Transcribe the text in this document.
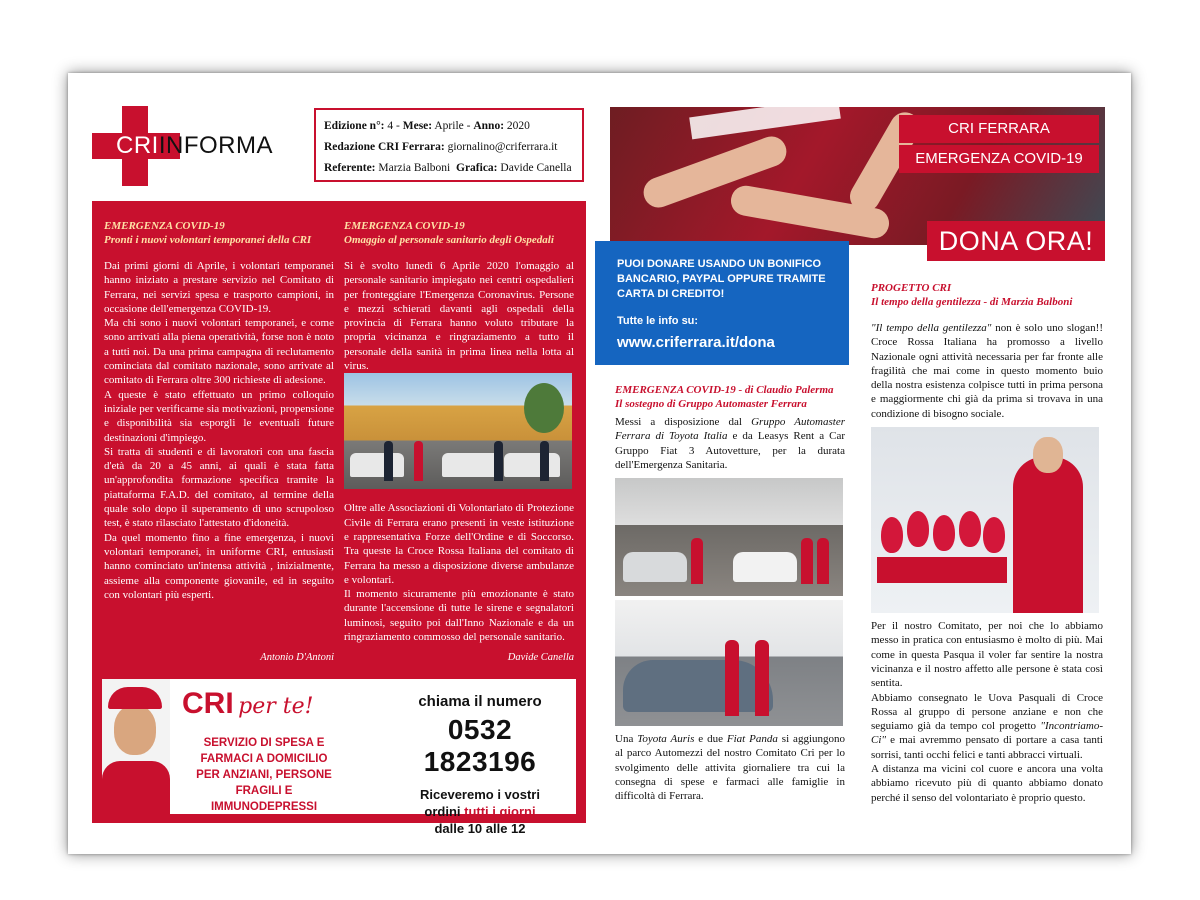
CRIINFORMA
Edizione n°: 4 - Mese: Aprile - Anno: 2020
Redazione CRI Ferrara: giornalino@criferrara.it
Referente: Marzia Balboni Grafica: Davide Canella
EMERGENZA COVID-19
Pronti i nuovi volontari temporanei della CRI
Dai primi giorni di Aprile, i volontari temporanei hanno iniziato a prestare servizio nel Comitato di Ferrara, nei servizi spesa e trasporto campioni, in occasione dell'emergenza COVID-19.
Ma chi sono i nuovi volontari temporanei, e come sono arrivati alla piena operatività, forse non è noto a tutti noi. Da una prima campagna di reclutamento cominciata dal comitato nazionale, sono arrivate al comitato di Ferrara oltre 300 richieste di adesione.
A queste è stato effettuato un primo colloquio iniziale per verificarne sia motivazioni, propensione e disponibilità sia esporgli le eventuali future destinazioni d'impiego.
Si tratta di studenti e di lavoratori con una fascia d'età da 20 a 45 anni, ai quali è stata fatta un'approfondita formazione specifica tramite la piattaforma F.A.D. del comitato, al termine della quale solo dopo il superamento di uno scrupoloso test, è stato rilasciato l'attestato d'idoneità.
Da quel momento fino a fine emergenza, i nuovi volontari temporanei, in uniforme CRI, entusiasti hanno cominciato un'intensa attività , inizialmente, assieme alla componente giovanile, ed in seguito con volontari più esperti.
Antonio D'Antoni
EMERGENZA COVID-19
Omaggio al personale sanitario degli Ospedali
Si è svolto lunedì 6 Aprile 2020 l'omaggio al personale sanitario impiegato nei centri ospedalieri per fronteggiare l'Emergenza Coronavirus. Persone e mezzi schierati davanti agli ospedali della provincia di Ferrara hanno voluto tributare la propria vicinanza e ringraziamento a tutto il personale della sanità in prima linea nella lotta al virus.
Oltre alle Associazioni di Volontariato di Protezione Civile di Ferrara erano presenti in veste istituzione e rappresentativa Forze dell'Ordine e di Soccorso. Tra queste la Croce Rossa Italiana del comitato di Ferrara ha messo a disposizione diverse ambulanze e volontari.
Il momento sicuramente più emozionante è stato durante l'accensione di tutte le sirene e segnalatori luminosi, seguito poi dall'Inno Nazionale e da un ringraziamento commosso del personale sanitario.
Davide Canella
CRI per te!
SERVIZIO DI SPESA E
FARMACI A DOMICILIO
PER ANZIANI, PERSONE
FRAGILI E
IMMUNODEPRESSI
chiama il numero
0532 1823196
Riceveremo i vostri
ordini tutti i giorni
dalle 10 alle 12
CRI FERRARA
EMERGENZA COVID-19
DONA ORA!
PUOI DONARE USANDO UN BONIFICO BANCARIO, PAYPAL OPPURE TRAMITE CARTA DI CREDITO!
Tutte le info su:
www.criferrara.it/dona
EMERGENZA COVID-19 - di Claudio Palerma
Il sostegno di Gruppo Automaster Ferrara
Messi a disposizione dal Gruppo Automaster Ferrara di Toyota Italia e da Leasys Rent a Car Gruppo Fiat 3 Autovetture, per la durata dell'Emergenza Sanitaria.
Una Toyota Auris e due Fiat Panda si aggiungono al parco Automezzi del nostro Comitato Cri per lo svolgimento delle attivita giornaliere tra cui la consegna di spese e farmaci alle famiglie in difficoltà di Ferrara.
PROGETTO CRI
Il tempo della gentilezza - di Marzia Balboni
"Il tempo della gentilezza" non è solo uno slogan!! Croce Rossa Italiana ha promosso a livello Nazionale ogni attività necessaria per far fronte alle fragilità che mai come in questo momento buio della nostra esistenza colpisce tutti in prima persona e maggiormente chi già da prima si trovava in una condizione di bisogno sociale.
Per il nostro Comitato, per noi che lo abbiamo messo in pratica con entusiasmo è molto di più. Mai come in questa Pasqua il voler far sentire la nostra vicinanza e il nostro affetto alle persone è stata così sentita.
Abbiamo consegnato le Uova Pasquali di Croce Rossa al gruppo di persone anziane e non che seguiamo già da tempo col progetto "Incontriamo-Ci" e mai avremmo pensato di portare a casa tanti sorrisi, tanti occhi felici e tanti abbracci virtuali.
A distanza ma vicini col cuore e ancora una volta abbiamo ricevuto più di quanto abbiamo donato perché il senso del volontariato è proprio questo.
